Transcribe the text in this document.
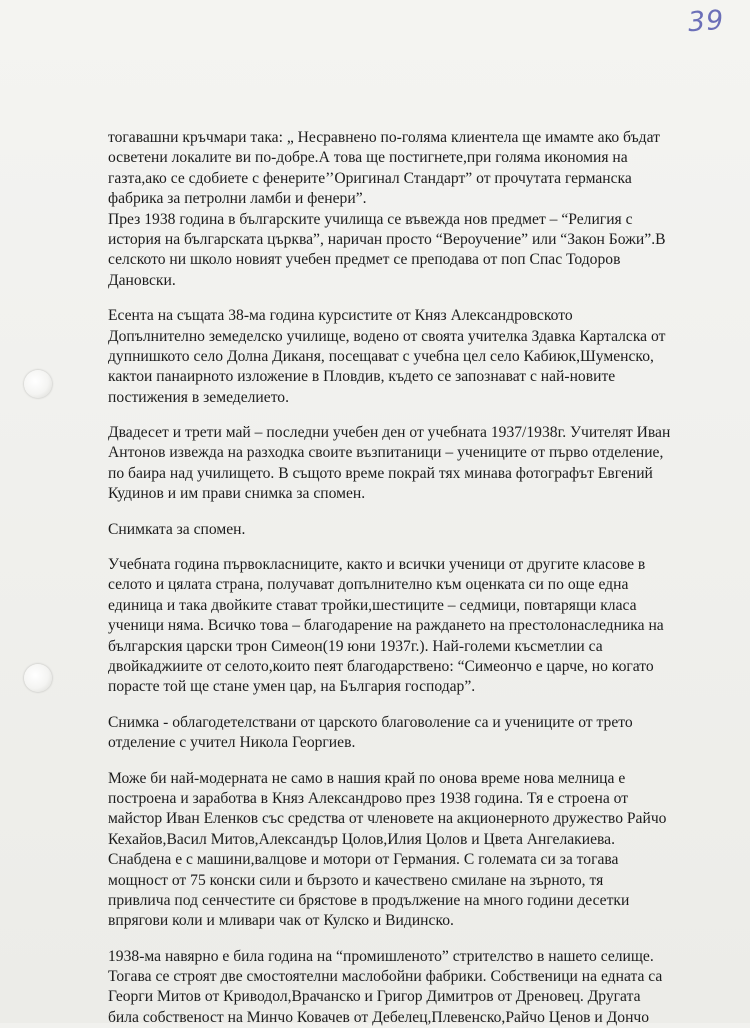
39
тогавашни кръчмари така: „ Несравнено по-голяма клиентела ще имамте ако бъдат
осветени локалите ви по-добре.А това ще постигнете,при голяма икономия на
газта,ако се сдобиете с фенерите’’Оригинал Стандарт” от прочутата германска
фабрика за петролни ламби и фенери”.
През 1938 година в българските училища се въвежда нов предмет – “Религия с
история на българската църква”, наричан просто “Вероучение” или “Закон Божи”.В
селското ни школо новият учебен предмет се преподава от поп Спас Тодоров
Дановски.
Есента на същата 38-ма година курсистите от Княз Александровското
Допълнително земеделско училище, водено от своята учителка Здавка Карталска от
дупнишкото село Долна Диканя, посещават с учебна цел село Кабиюк,Шуменско,
кактои панаирното изложение в Пловдив, където се запознават с най-новите
постижения в земеделието.
Двадесет и трети май – последни учебен ден от учебната 1937/1938г. Учителят Иван
Антонов извежда на разходка своите възпитаници – учениците от първо отделение,
по баира над училището. В същото време покрай тях минава фотографът Евгений
Кудинов и им прави снимка за спомен.
Снимката за спомен.
Учебната година първокласниците, както и всички ученици от другите класове в
селото и цялата страна, получават допълнително към оценката си по още една
единица и така двойките стават тройки,шестиците – седмици, повтарящи класа
ученици няма. Всичко това – благодарение на раждането на престолонаследника на
българския царски трон Симеон(19 юни 1937г.). Най-големи късметлии са
двойкаджиите от селото,които пеят благодарствено: “Симеончо е царче, но когато
порасте той ще стане умен цар, на България господар”.
Снимка - облагодетелствани от царското благоволение са и учениците от трето
отделение с учител Никола Георгиев.
Може би най-модерната не само в нашия край по онова време нова мелница е
построена и заработва в Княз Александрово през 1938 година. Тя е строена от
майстор Иван Еленков със средства от членовете на акционерното дружество Райчо
Кехайов,Васил Митов,Александър Цолов,Илия Цолов и Цвета Ангелакиева.
Снабдена е с машини,валцове и мотори от Германия. С големата си за тогава
мощност от 75 конски сили и бързото и качествено смилане на зърното, тя
привлича под сенчестите си брястове в продължение на много години десетки
впрягови коли и мливари чак от Кулско и Видинско.
1938-ма навярно е била година на “промишленото” стрителство в нашето селище.
Тогава се строят две смостоятелни маслобойни фабрики. Собственици на едната са
Георги Митов от Криводол,Врачанско и Григор Димитров от Дреновец. Другата
била собственост на Минчо Ковачев от Дебелец,Плевенско,Райчо Ценов и Дончо
